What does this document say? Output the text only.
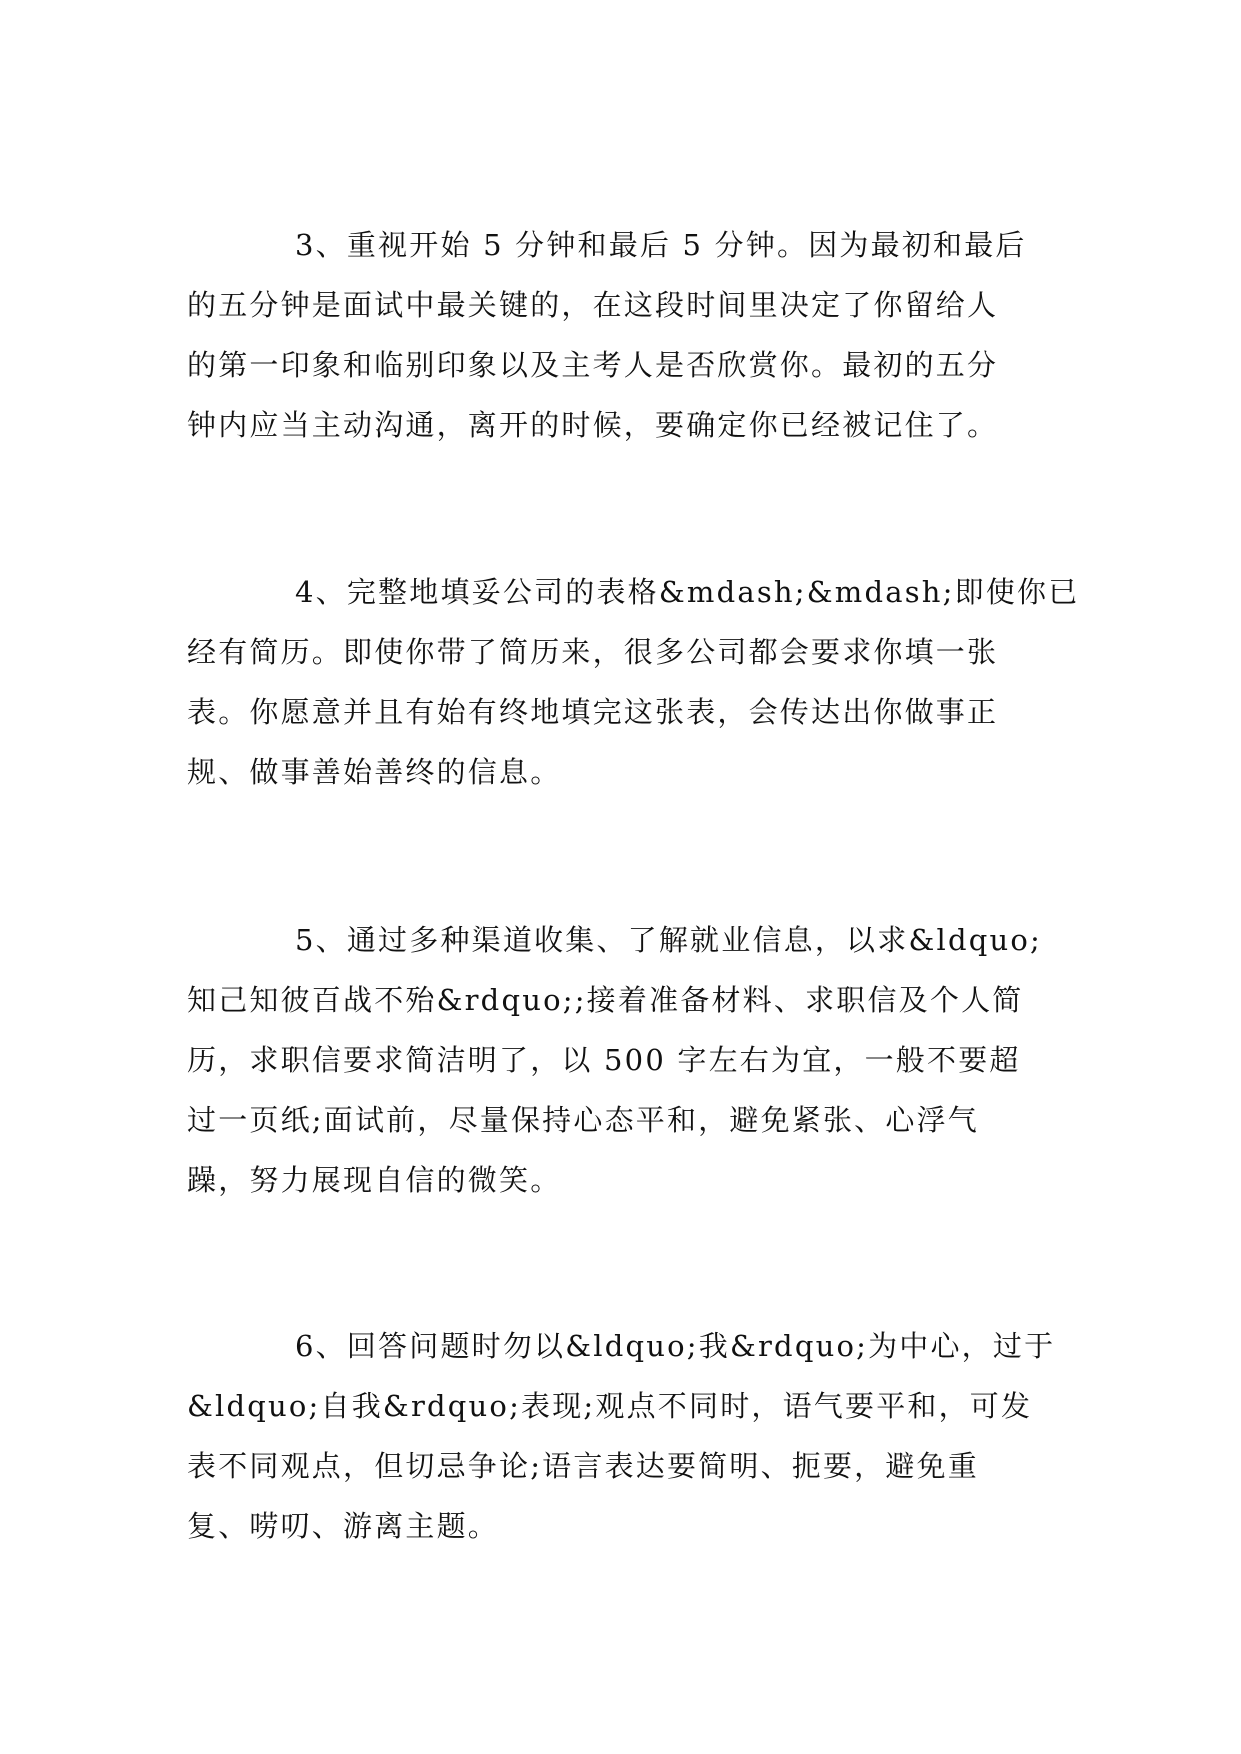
3、重视开始 5 分钟和最后 5 分钟。因为最初和最后
的五分钟是面试中最关键的，在这段时间里决定了你留给人
的第一印象和临别印象以及主考人是否欣赏你。最初的五分
钟内应当主动沟通，离开的时候，要确定你已经被记住了。
4、完整地填妥公司的表格&mdash;&mdash;即使你已
经有简历。即使你带了简历来，很多公司都会要求你填一张
表。你愿意并且有始有终地填完这张表，会传达出你做事正
规、做事善始善终的信息。
5、通过多种渠道收集、了解就业信息，以求&ldquo;
知己知彼百战不殆&rdquo;;接着准备材料、求职信及个人简
历，求职信要求简洁明了，以 500 字左右为宜，一般不要超
过一页纸;面试前，尽量保持心态平和，避免紧张、心浮气
躁，努力展现自信的微笑。
6、回答问题时勿以&ldquo;我&rdquo;为中心，过于
&ldquo;自我&rdquo;表现;观点不同时，语气要平和，可发
表不同观点，但切忌争论;语言表达要简明、扼要，避免重
复、唠叨、游离主题。
